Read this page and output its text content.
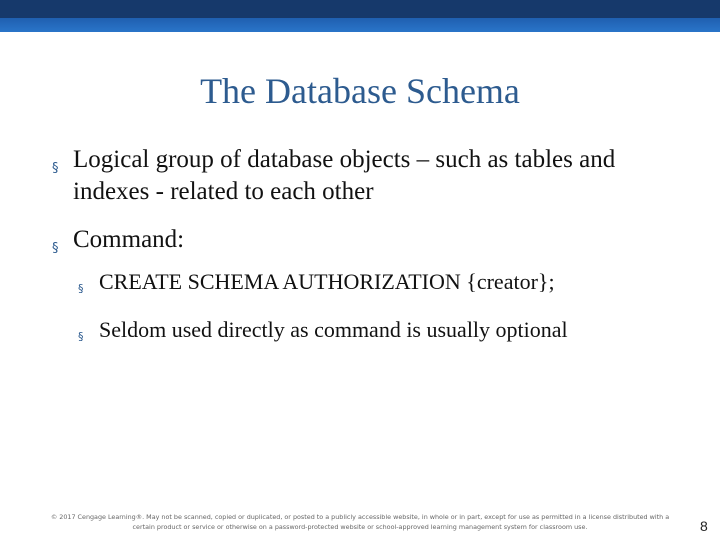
The Database Schema
§ Logical group of database objects – such as tables and indexes - related to each other
§ Command:
§ CREATE SCHEMA AUTHORIZATION {creator};
§ Seldom used directly as command is usually optional
© 2017 Cengage Learning®. May not be scanned, copied or duplicated, or posted to a publicly accessible website, in whole or in part, except for use as permitted in a license distributed with a certain product or service or otherwise on a password-protected website or school-approved learning management system for classroom use.	8
